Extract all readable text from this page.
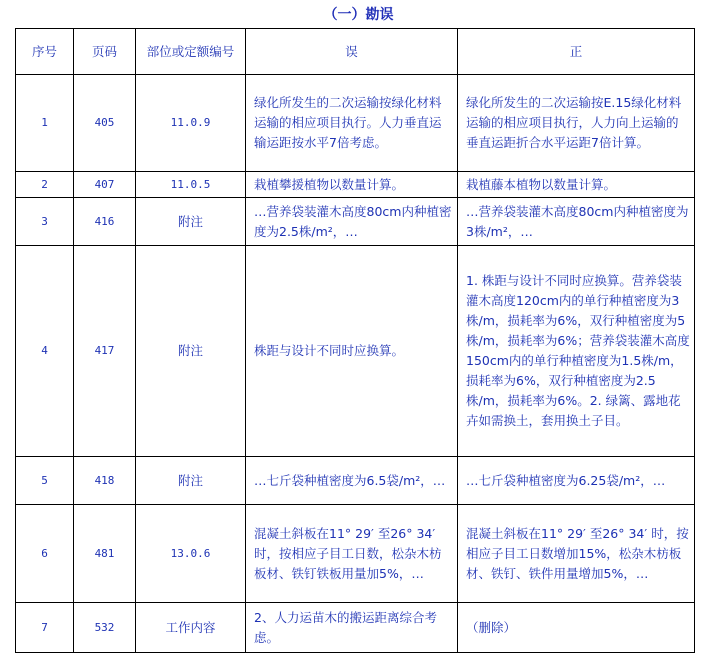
（一）勘误
序号	页码	部位或定额编号	误	正
1	405	11.0.9	绿化所发生的二次运输按绿化材料运输的相应项目执行。人力垂直运输运距按水平7倍考虑。	绿化所发生的二次运输按E.15绿化材料运输的相应项目执行，人力向上运输的垂直运距折合水平运距7倍计算。
2	407	11.0.5	栽植攀援植物以数量计算。	栽植藤本植物以数量计算。
3	416	附注	…营养袋装灌木高度80cm内种植密度为2.5株/m²，…	…营养袋装灌木高度80cm内种植密度为3株/m²，…
4	417	附注	株距与设计不同时应换算。	1. 株距与设计不同时应换算。营养袋装灌木高度120cm内的单行种植密度为3株/m，损耗率为6%，双行种植密度为5株/m，损耗率为6%；营养袋装灌木高度150cm内的单行种植密度为1.5株/m，损耗率为6%，双行种植密度为2.5株/m，损耗率为6%。2. 绿篱、露地花卉如需换土，套用换土子目。
5	418	附注	…七斤袋种植密度为6.5袋/m²，…	…七斤袋种植密度为6.25袋/m²，…
6	481	13.0.6	混凝土斜板在11° 29′ 至26° 34′ 时，按相应子目工日数，松杂木枋板材、铁钉铁板用量加5%，…	混凝土斜板在11° 29′ 至26° 34′ 时，按相应子目工日数增加15%，松杂木枋板材、铁钉、铁件用量增加5%，…
7	532	工作内容	2、人力运苗木的搬运距离综合考虑。	（删除）
